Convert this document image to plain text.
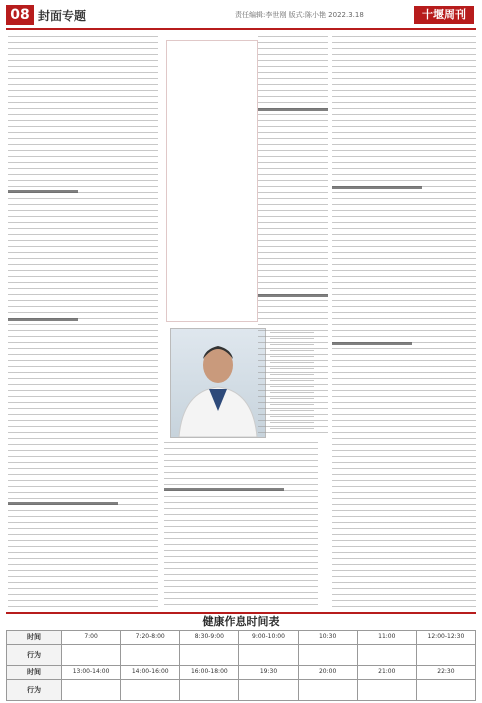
08 封面专题	责任编辑:李世刚 版式:陈小艳 2022.3.18	十堰周刊
健康作息时间表
时间	7:00	7:20-8:00	8:30-9:00	9:00-10:00	10:30	11:00	12:00-12:30
行为							
时间	13:00-14:00	14:00-16:00	16:00-18:00	19:30	20:00	21:00	22:30
行为							
